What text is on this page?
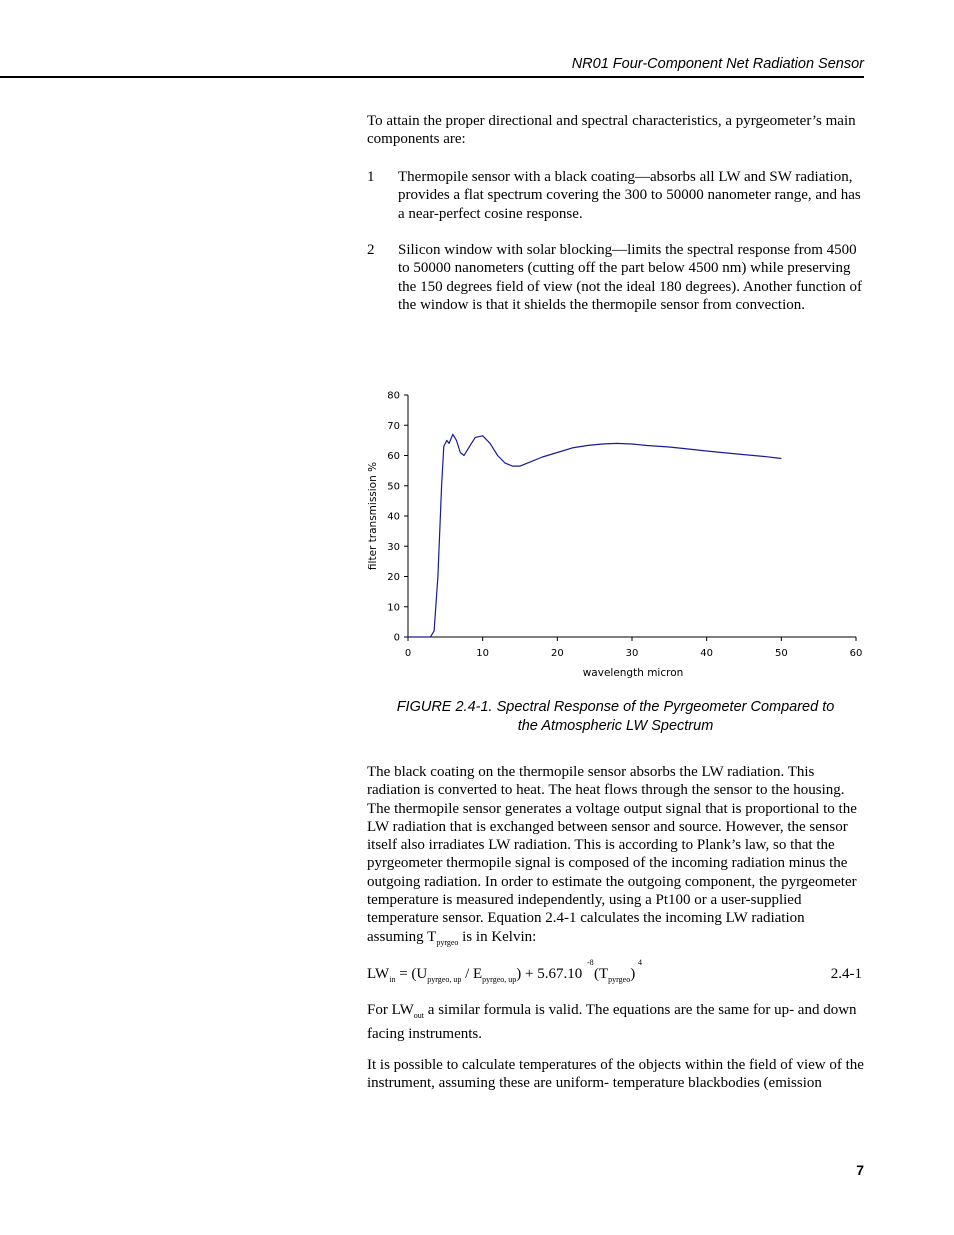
NR01 Four-Component Net Radiation Sensor
To attain the proper directional and spectral characteristics, a pyrgeometer’s main components are:
1 Thermopile sensor with a black coating—absorbs all LW and SW radiation, provides a flat spectrum covering the 300 to 50000 nanometer range, and has a near-perfect cosine response.
2 Silicon window with solar blocking—limits the spectral response from 4500 to 50000 nanometers (cutting off the part below 4500 nm) while preserving the 150 degrees field of view (not the ideal 180 degrees). Another function of the window is that it shields the thermopile sensor from convection.
0
10
20
30
40
50
60
70
80
0	10	20	30	40	50	60
filter transmission %
wavelength micron
FIGURE 2.4-1. Spectral Response of the Pyrgeometer Compared to
the Atmospheric LW Spectrum
The black coating on the thermopile sensor absorbs the LW radiation. This radiation is converted to heat. The heat flows through the sensor to the housing. The thermopile sensor generates a voltage output signal that is proportional to the LW radiation that is exchanged between sensor and source. However, the sensor itself also irradiates LW radiation. This is according to Plank’s law, so that the pyrgeometer thermopile signal is composed of the incoming radiation minus the outgoing radiation. In order to estimate the outgoing component, the pyrgeometer temperature is measured independently, using a Pt100 or a user-supplied temperature sensor. Equation 2.4-1 calculates the incoming LW radiation assuming $T_{pyrgeo}$ is in Kelvin:
$LW_{in} = (U_{pyrgeo, up} / E_{pyrgeo, up}) + 5.67.10$ $(T_{pyrgeo})$
-8	4
2.4-1
For $LW_{out}$ a similar formula is valid. The equations are the same for up- and down facing instruments.
It is possible to calculate temperatures of the objects within the field of view of the instrument, assuming these are uniform- temperature blackbodies (emission
7
